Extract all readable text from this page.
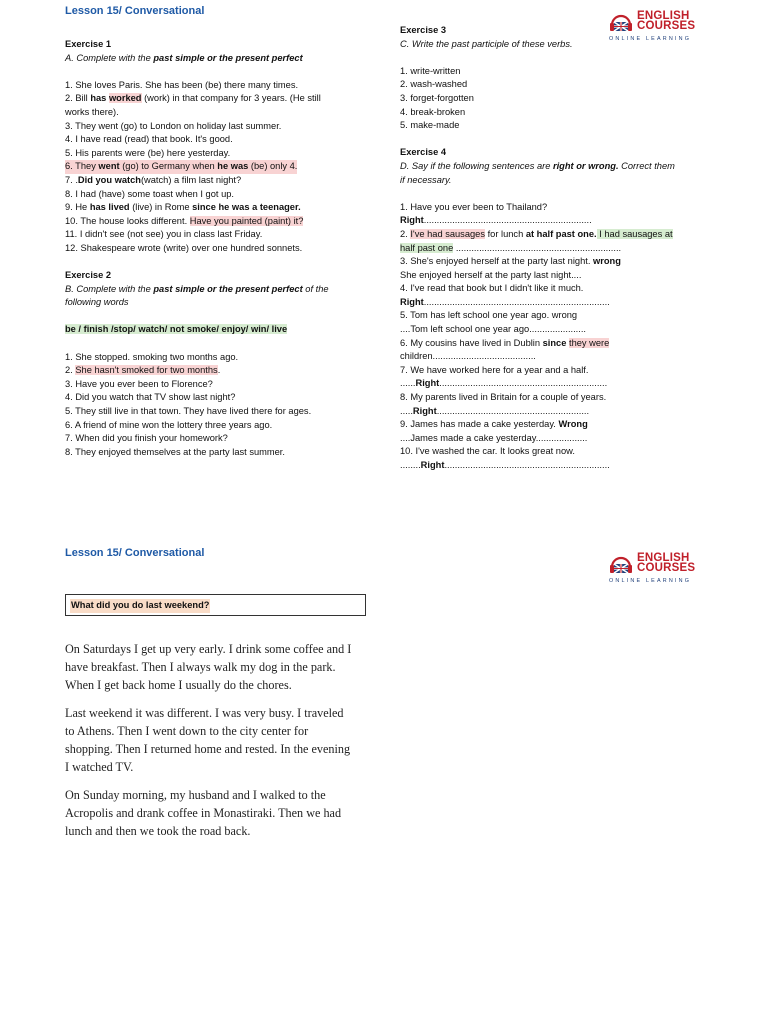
Lesson 15/ Conversational	ENGLISH
COURSES
ONLINE LEARNING

Exercise 1

A. Complete with the past simple or the present perfect

1. She loves Paris. She has been (be) there many times.

2. Bill has worked (work) in that company for 3 years. (He still

works there).

3. They went (go) to London on holiday last summer.

4. I have read (read) that book. It's good.

5. His parents were (be) here yesterday.

6. They went (go) to Germany when he was (be) only 4.

7. .Did you watch(watch) a film last night?

8. I had (have) some toast when I got up.

9. He has lived (live) in Rome since he was a teenager.

10. The house looks different. Have you painted (paint) it?

11. I didn't see (not see) you in class last Friday.

12. Shakespeare wrote (write) over one hundred sonnets.

Exercise 2

B. Complete with the past simple or the present perfect of the

following words

be / finish /stop/ watch/ not smoke/ enjoy/ win/ live

1. She stopped. smoking two months ago.

2. She hasn't smoked for two months.

3. Have you ever been to Florence?

4. Did you watch that TV show last night?

5. They still live in that town. They have lived there for ages.

6. A friend of mine won the lottery three years ago.

7. When did you finish your homework?

8. They enjoyed themselves at the party last summer.

Exercise 3

C. Write the past participle of these verbs.

1. write-written

2. wash-washed

3. forget-forgotten

4. break-broken

5. make-made

Exercise 4

D. Say if the following sentences are right or wrong. Correct them

if necessary.

1. Have you ever been to Thailand?

Right.................................................................

2. I've had sausages for lunch at half past one. I had sausages at

half past one ................................................................

3. She's enjoyed herself at the party last night. wrong

She enjoyed herself at the party last night....

4. I've read that book but I didn't like it much.

Right........................................................................

5. Tom has left school one year ago. wrong

....Tom left school one year ago......................

6. My cousins have lived in Dublin since they were

children........................................

7. We have worked here for a year and a half.

......Right.................................................................

8. My parents lived in Britain for a couple of years.

.....Right...........................................................

9. James has made a cake yesterday. Wrong

....James made a cake yesterday....................

10. I've washed the car. It looks great now.

........Right................................................................

Lesson 15/ Conversational	ENGLISH
COURSES
ONLINE LEARNING
What did you do last weekend?

On Saturdays I get up very early. I drink some coffee and I
have breakfast. Then I always walk my dog in the park.
When I get back home I usually do the chores.

Last weekend it was different. I was very busy. I traveled
to Athens. Then I went down to the city center for
shopping. Then I returned home and rested. In the evening
I watched TV.

On Sunday morning, my husband and I walked to the
Acropolis and drank coffee in Monastiraki. Then we had
lunch and then we took the road back.
